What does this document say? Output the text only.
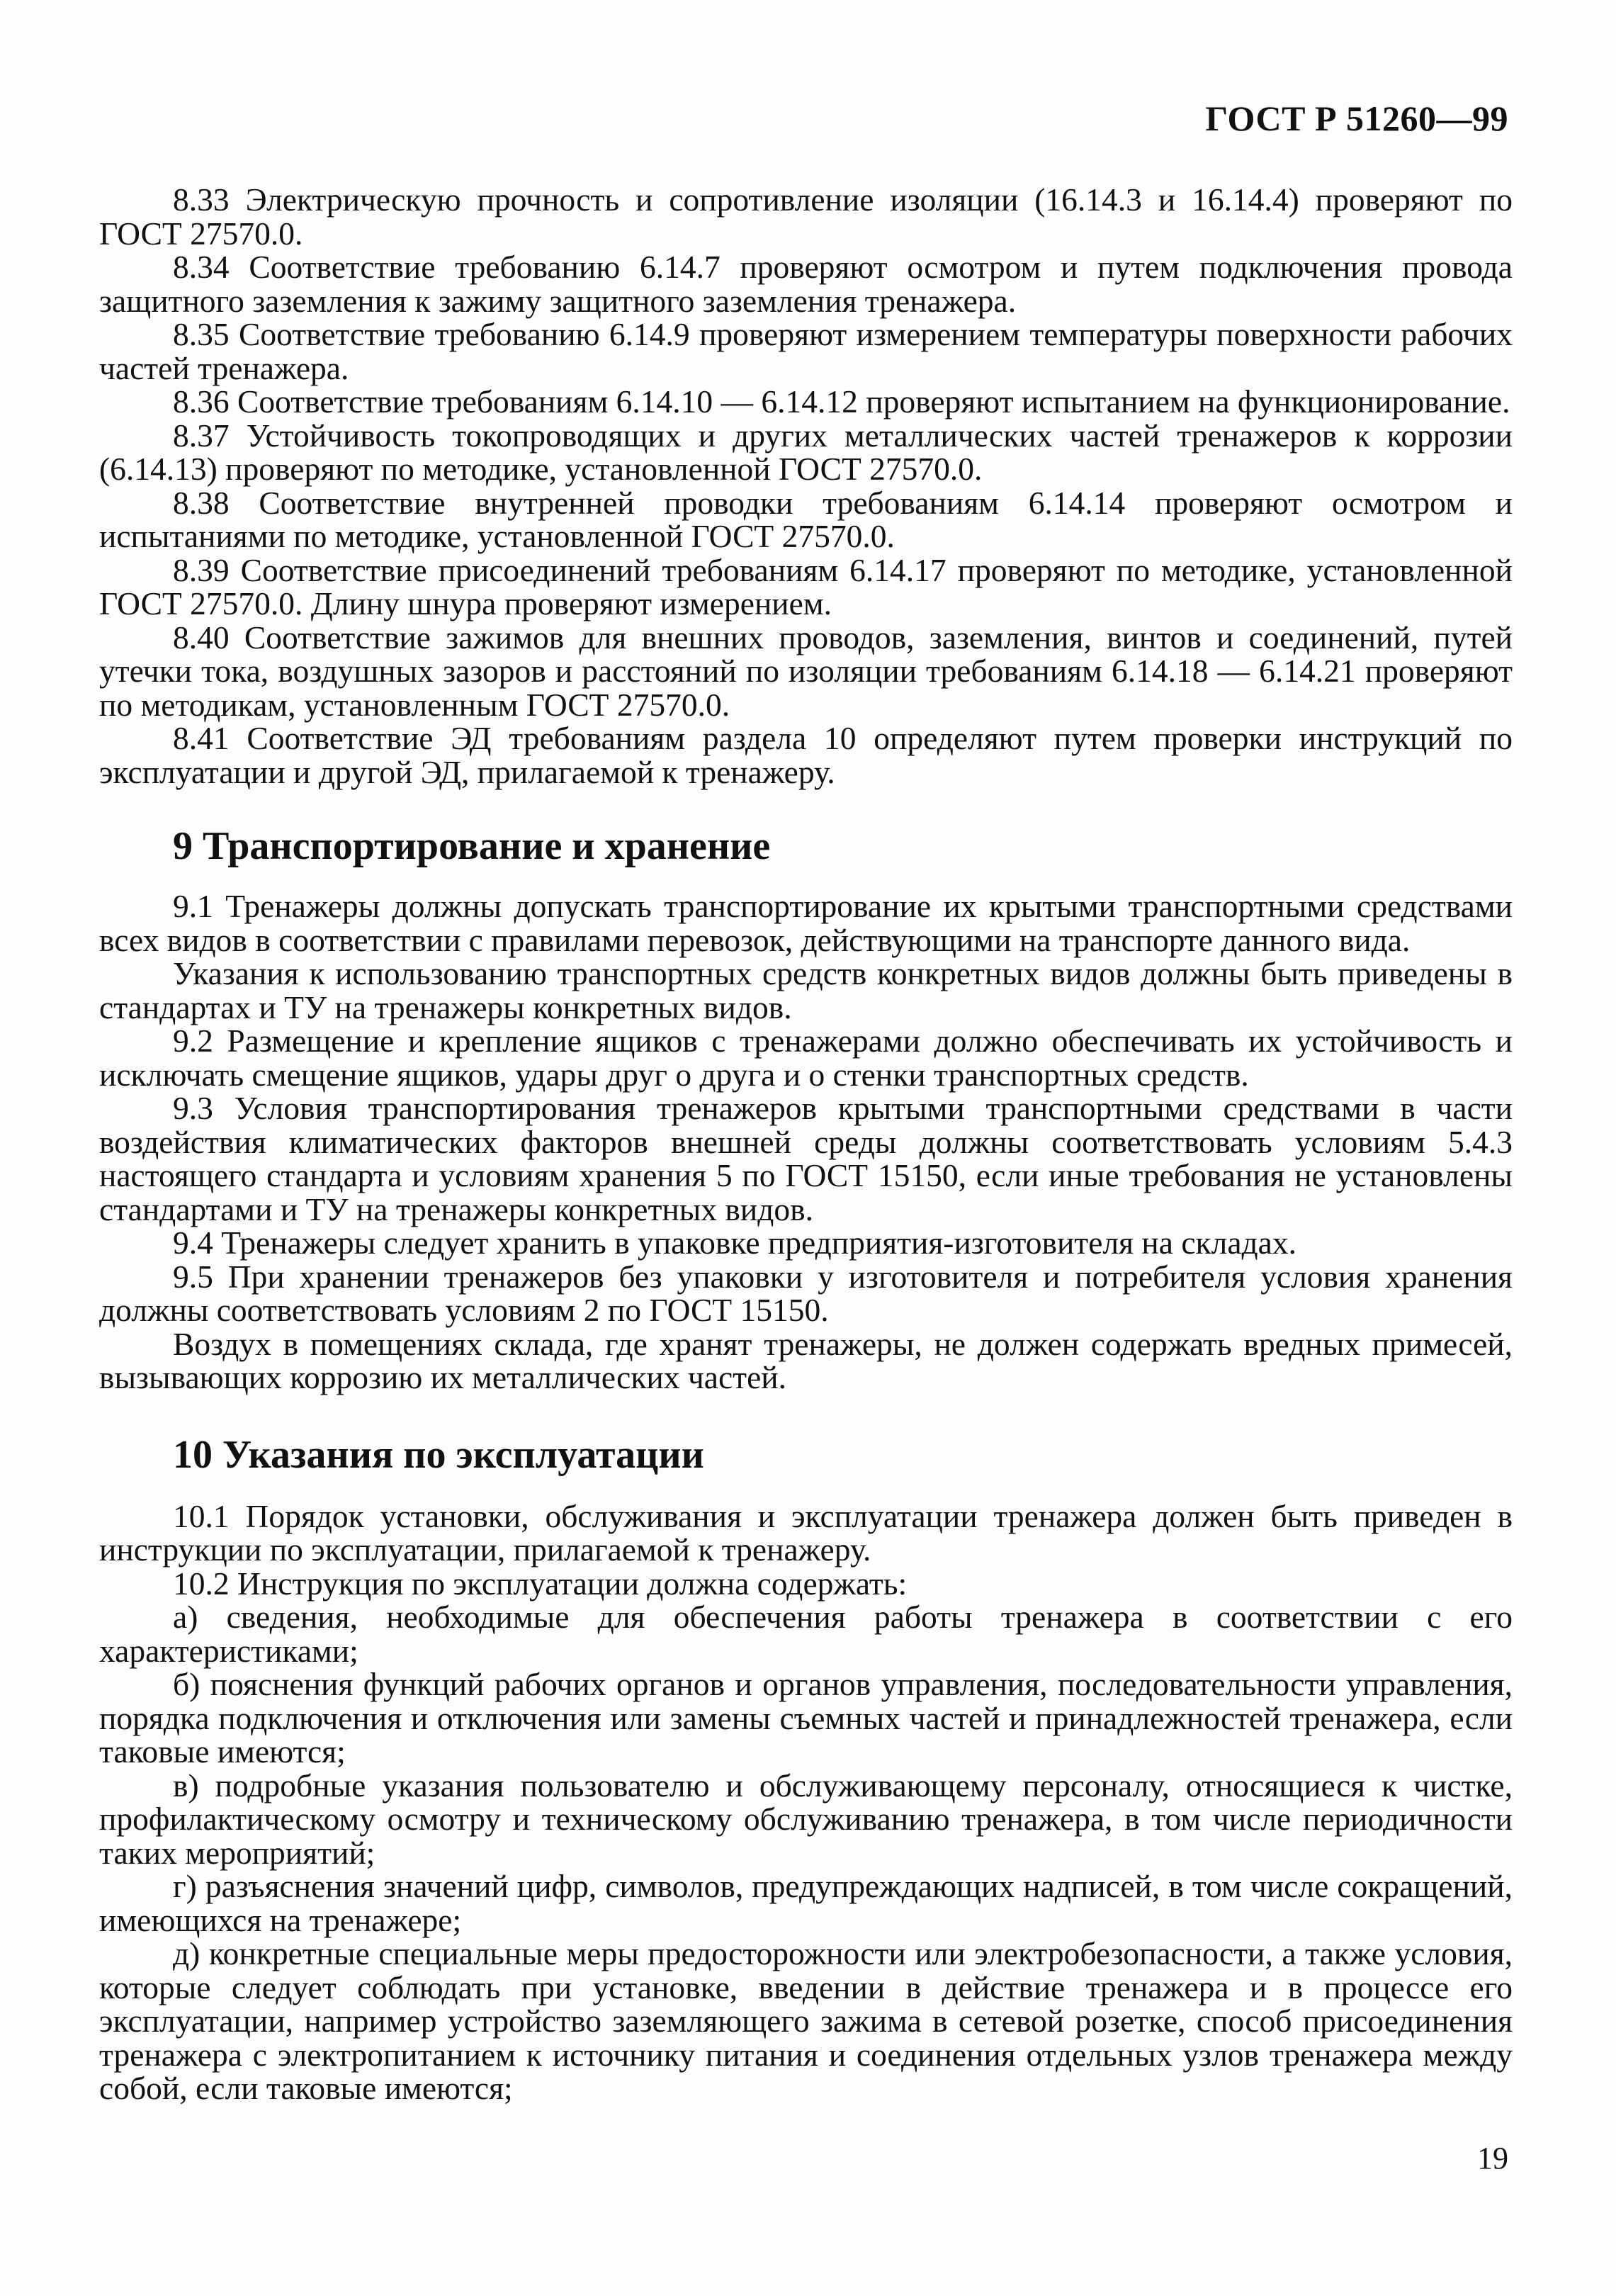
ГОСТ Р 51260—99

8.33 Электрическую прочность и сопротивление изоляции (16.14.3 и 16.14.4) проверяют по ГОСТ 27570.0.

8.34 Соответствие требованию 6.14.7 проверяют осмотром и путем подключения провода защитного заземления к зажиму защитного заземления тренажера.

8.35 Соответствие требованию 6.14.9 проверяют измерением температуры поверхности рабочих частей тренажера.

8.36 Соответствие требованиям 6.14.10 — 6.14.12 проверяют испытанием на функционирование.

8.37 Устойчивость токопроводящих и других металлических частей тренажеров к коррозии (6.14.13) проверяют по методике, установленной ГОСТ 27570.0.

8.38 Соответствие внутренней проводки требованиям 6.14.14 проверяют осмотром и испытаниями по методике, установленной ГОСТ 27570.0.

8.39 Соответствие присоединений требованиям 6.14.17 проверяют по методике, установленной ГОСТ 27570.0. Длину шнура проверяют измерением.

8.40 Соответствие зажимов для внешних проводов, заземления, винтов и соединений, путей утечки тока, воздушных зазоров и расстояний по изоляции требованиям 6.14.18 — 6.14.21 проверяют по методикам, установленным ГОСТ 27570.0.

8.41 Соответствие ЭД требованиям раздела 10 определяют путем проверки инструкций по эксплуатации и другой ЭД, прилагаемой к тренажеру.

9 Транспортирование и хранение

9.1 Тренажеры должны допускать транспортирование их крытыми транспортными средствами всех видов в соответствии с правилами перевозок, действующими на транспорте данного вида.

Указания к использованию транспортных средств конкретных видов должны быть приведены в стандартах и ТУ на тренажеры конкретных видов.

9.2 Размещение и крепление ящиков с тренажерами должно обеспечивать их устойчивость и исключать смещение ящиков, удары друг о друга и о стенки транспортных средств.

9.3 Условия транспортирования тренажеров крытыми транспортными средствами в части воздействия климатических факторов внешней среды должны соответствовать условиям 5.4.3 настоящего стандарта и условиям хранения 5 по ГОСТ 15150, если иные требования не установлены стандартами и ТУ на тренажеры конкретных видов.

9.4 Тренажеры следует хранить в упаковке предприятия-изготовителя на складах.

9.5 При хранении тренажеров без упаковки у изготовителя и потребителя условия хранения должны соответствовать условиям 2 по ГОСТ 15150.

Воздух в помещениях склада, где хранят тренажеры, не должен содержать вредных примесей, вызывающих коррозию их металлических частей.

10 Указания по эксплуатации

10.1 Порядок установки, обслуживания и эксплуатации тренажера должен быть приведен в инструкции по эксплуатации, прилагаемой к тренажеру.

10.2 Инструкция по эксплуатации должна содержать:

а) сведения, необходимые для обеспечения работы тренажера в соответствии с его характеристиками;

б) пояснения функций рабочих органов и органов управления, последовательности управления, порядка подключения и отключения или замены съемных частей и принадлежностей тренажера, если таковые имеются;

в) подробные указания пользователю и обслуживающему персоналу, относящиеся к чистке, профилактическому осмотру и техническому обслуживанию тренажера, в том числе периодичности таких мероприятий;

г) разъяснения значений цифр, символов, предупреждающих надписей, в том числе сокращений, имеющихся на тренажере;

д) конкретные специальные меры предосторожности или электробезопасности, а также условия, которые следует соблюдать при установке, введении в действие тренажера и в процессе его эксплуатации, например устройство заземляющего зажима в сетевой розетке, способ присоединения тренажера с электропитанием к источнику питания и соединения отдельных узлов тренажера между собой, если таковые имеются;

19
